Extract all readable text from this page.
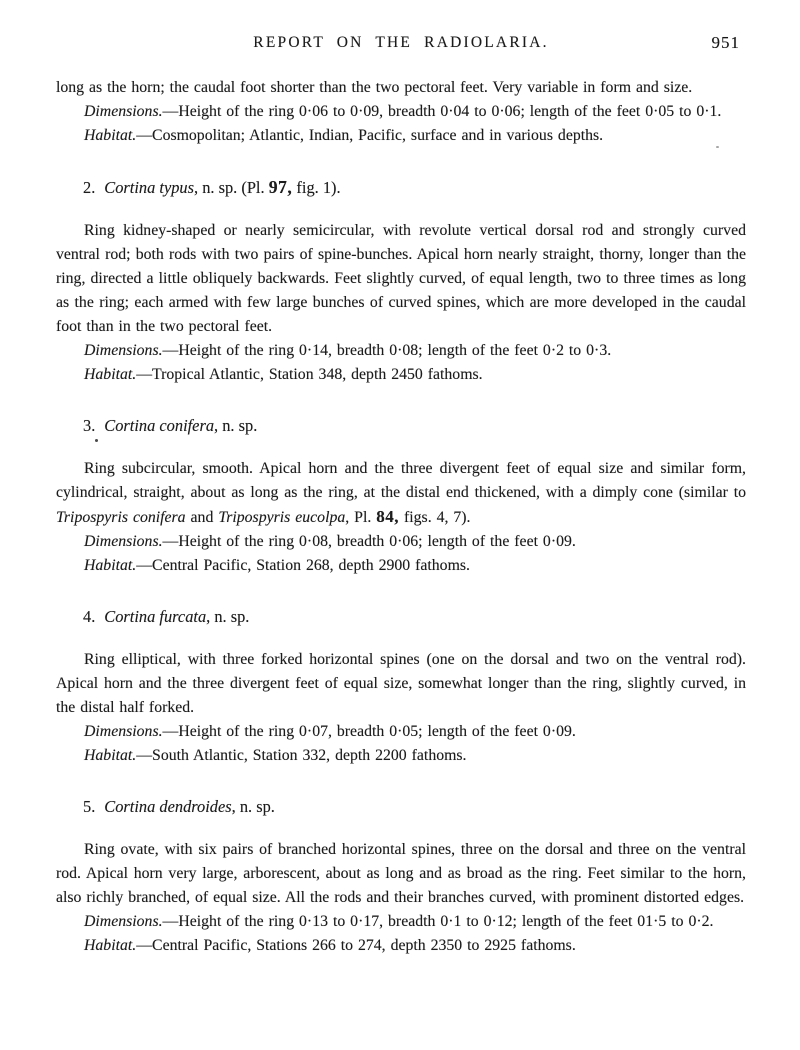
REPORT ON THE RADIOLARIA.	951

long as the horn; the caudal foot shorter than the two pectoral feet. Very variable in form and size.

Dimensions.—Height of the ring 0·06 to 0·09, breadth 0·04 to 0·06; length of the feet 0·05 to 0·1.

Habitat.—Cosmopolitan; Atlantic, Indian, Pacific, surface and in various depths.

2. Cortina typus, n. sp. (Pl. 97, fig. 1).

Ring kidney-shaped or nearly semicircular, with revolute vertical dorsal rod and strongly curved ventral rod; both rods with two pairs of spine-bunches. Apical horn nearly straight, thorny, longer than the ring, directed a little obliquely backwards. Feet slightly curved, of equal length, two to three times as long as the ring; each armed with few large bunches of curved spines, which are more developed in the caudal foot than in the two pectoral feet.

Dimensions.—Height of the ring 0·14, breadth 0·08; length of the feet 0·2 to 0·3.

Habitat.—Tropical Atlantic, Station 348, depth 2450 fathoms.

3. Cortina conifera, n. sp.

Ring subcircular, smooth. Apical horn and the three divergent feet of equal size and similar form, cylindrical, straight, about as long as the ring, at the distal end thickened, with a dimply cone (similar to Tripospyris conifera and Tripospyris eucolpa, Pl. 84, figs. 4, 7).

Dimensions.—Height of the ring 0·08, breadth 0·06; length of the feet 0·09.

Habitat.—Central Pacific, Station 268, depth 2900 fathoms.

4. Cortina furcata, n. sp.

Ring elliptical, with three forked horizontal spines (one on the dorsal and two on the ventral rod). Apical horn and the three divergent feet of equal size, somewhat longer than the ring, slightly curved, in the distal half forked.

Dimensions.—Height of the ring 0·07, breadth 0·05; length of the feet 0·09.

Habitat.—South Atlantic, Station 332, depth 2200 fathoms.

5. Cortina dendroides, n. sp.

Ring ovate, with six pairs of branched horizontal spines, three on the dorsal and three on the ventral rod. Apical horn very large, arborescent, about as long and as broad as the ring. Feet similar to the horn, also richly branched, of equal size. All the rods and their branches curved, with prominent distorted edges.

Dimensions.—Height of the ring 0·13 to 0·17, breadth 0·1 to 0·12; length of the feet 01·5 to 0·2.

Habitat.—Central Pacific, Stations 266 to 274, depth 2350 to 2925 fathoms.
